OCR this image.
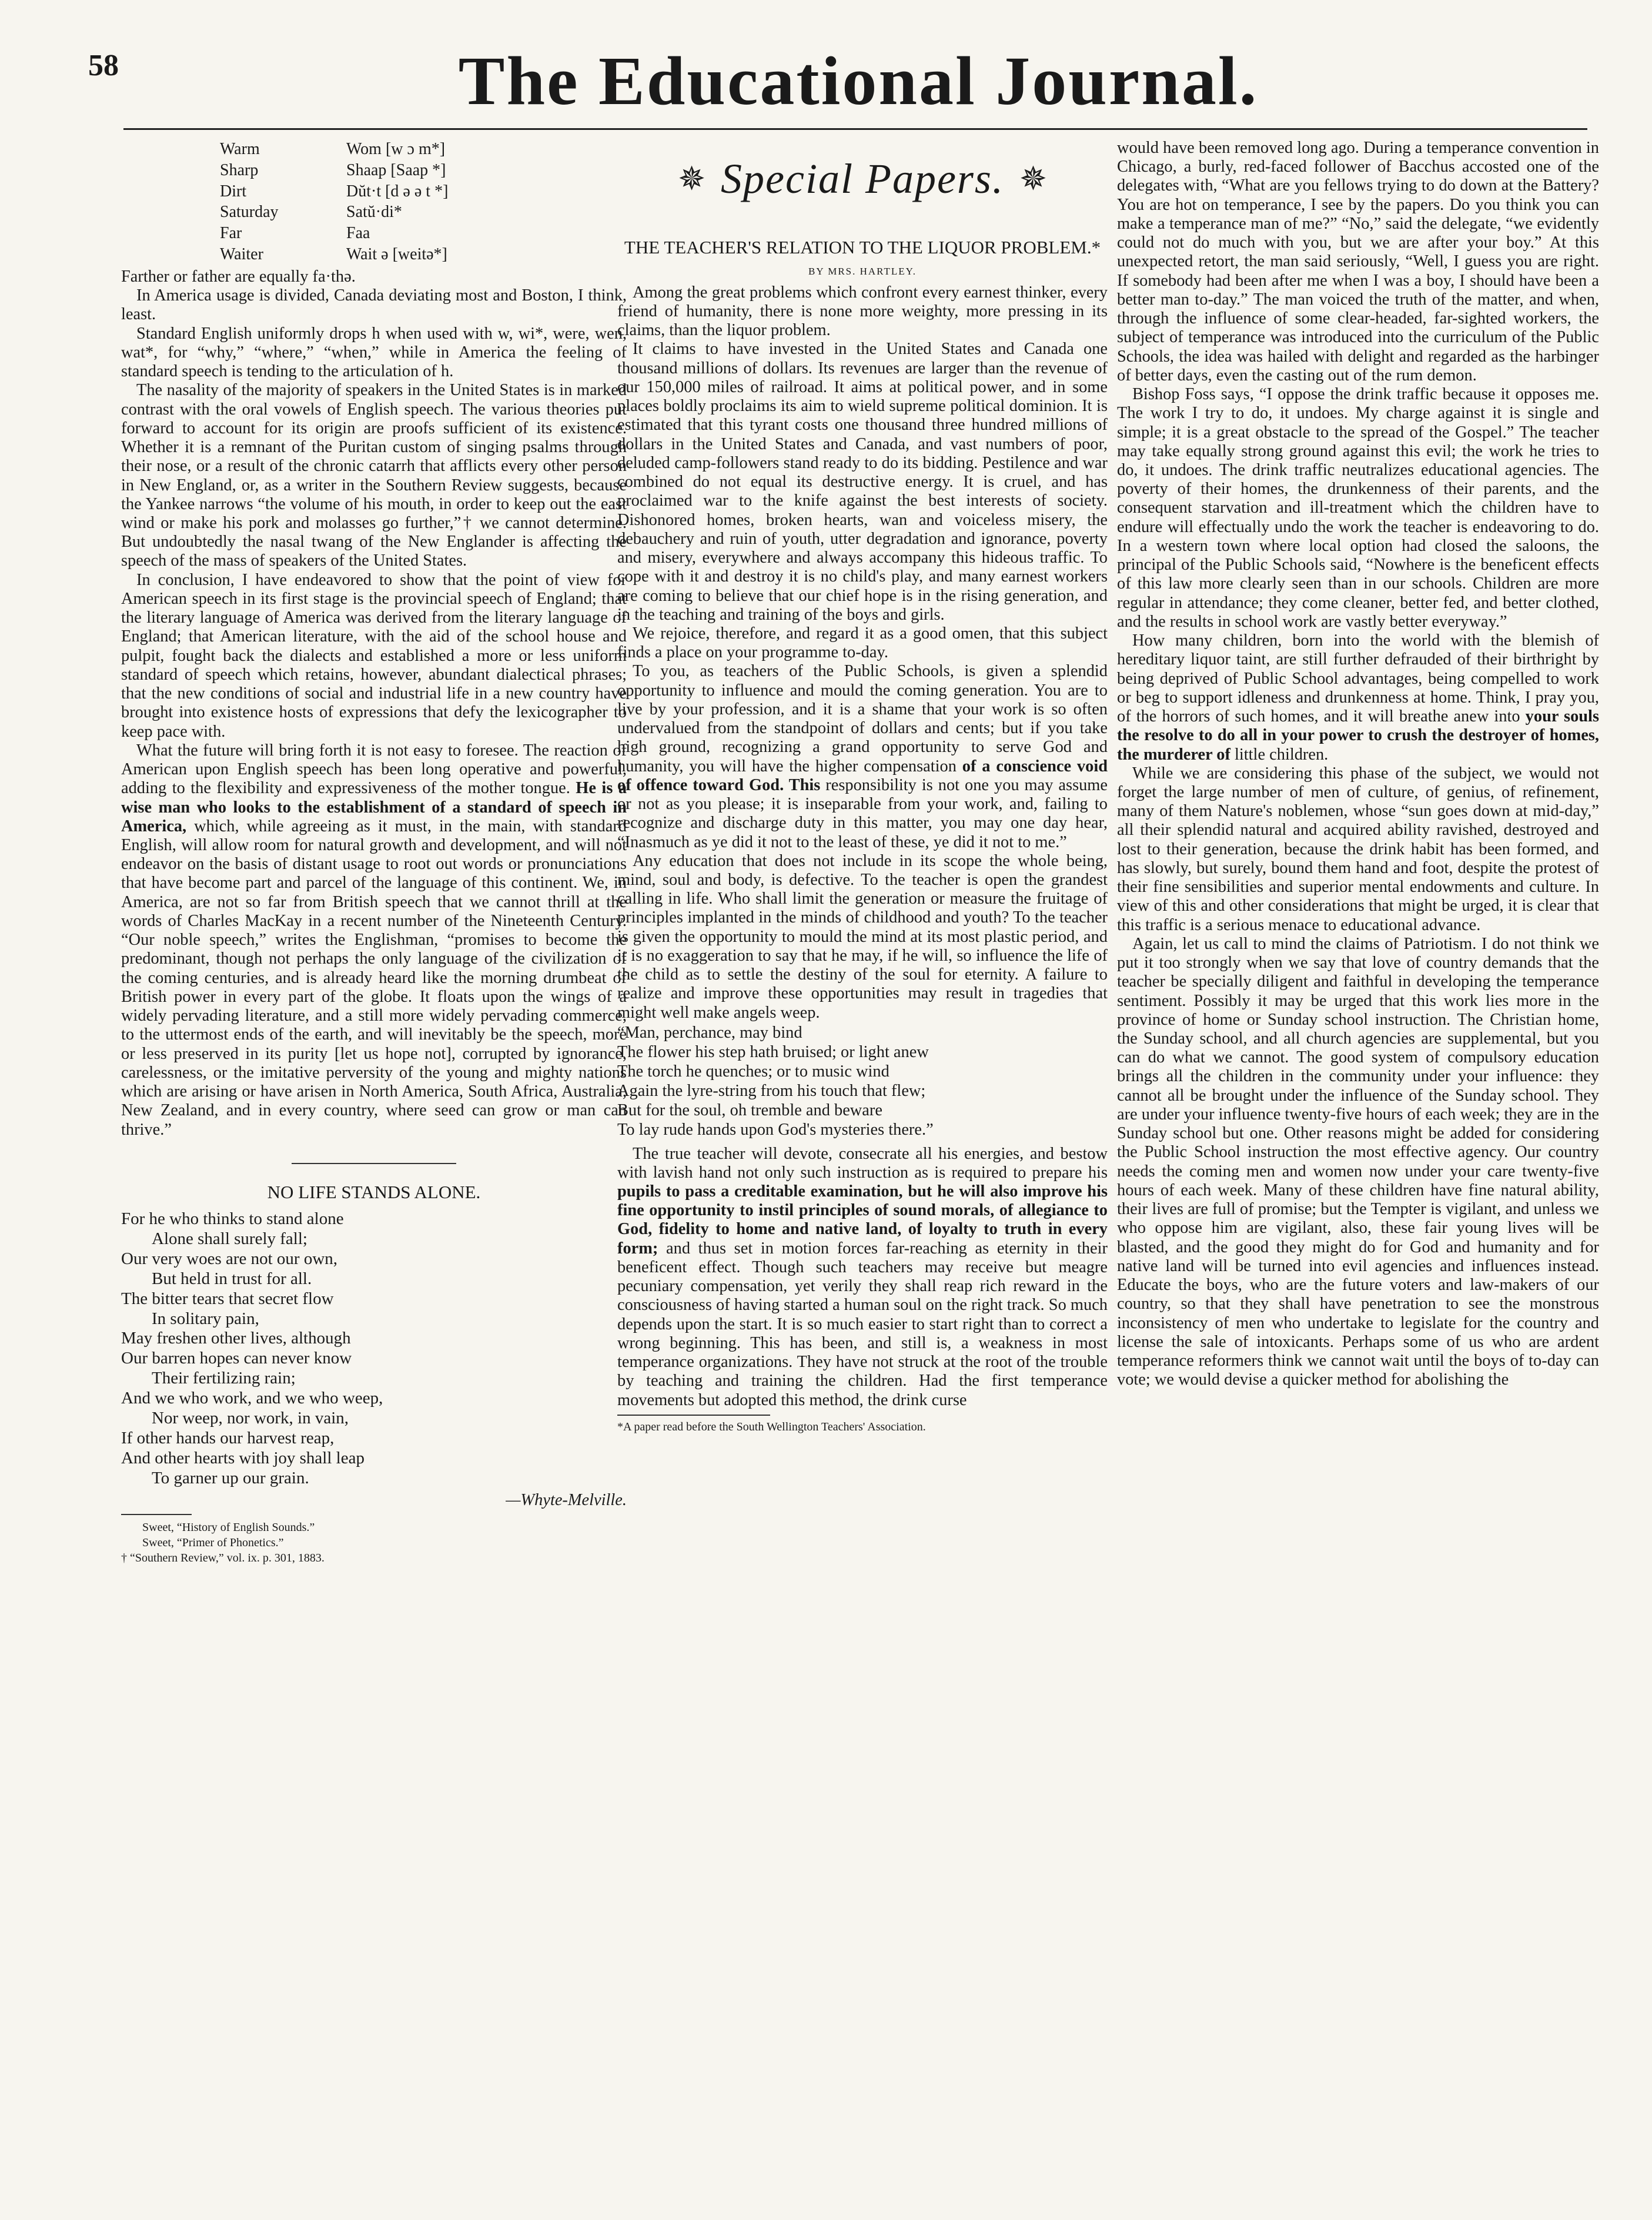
58	The Educational Journal.
Warm	Wom [w ɔ m*]
Sharp	Shaap [Saap *]
Dirt	Dŭt·t [d ə ə t *]
Saturday	Satŭ·di*
Far	Faa
Waiter	Wait ə [weitə*]

Farther or father are equally fa·thə.

In America usage is divided, Canada deviating most and Boston, I think, least.

Standard English uniformly drops h when used with w, wi*, were, wen, wat*, for “why,” “where,” “when,” while in America the feeling of standard speech is tending to the articulation of h.

The nasality of the majority of speakers in the United States is in marked contrast with the oral vowels of English speech. The various theories put forward to account for its origin are proofs sufficient of its existence. Whether it is a remnant of the Puritan custom of singing psalms through their nose, or a result of the chronic catarrh that afflicts every other person in New England, or, as a writer in the Southern Review suggests, because the Yankee narrows “the volume of his mouth, in order to keep out the east wind or make his pork and molasses go further,”† we cannot determine. But undoubtedly the nasal twang of the New Englander is affecting the speech of the mass of speakers of the United States.

In conclusion, I have endeavored to show that the point of view for American speech in its first stage is the provincial speech of England; that the literary language of America was derived from the literary language of England; that American literature, with the aid of the school house and pulpit, fought back the dialects and established a more or less uniform standard of speech which retains, however, abundant dialectical phrases; that the new conditions of social and industrial life in a new country have brought into existence hosts of expressions that defy the lexicographer to keep pace with.

What the future will bring forth it is not easy to foresee. The reaction of American upon English speech has been long operative and powerful, adding to the flexibility and expressiveness of the mother tongue. He is a wise man who looks to the establishment of a standard of speech in America, which, while agreeing as it must, in the main, with standard English, will allow room for natural growth and development, and will not endeavor on the basis of distant usage to root out words or pronunciations that have become part and parcel of the language of this continent. We, in America, are not so far from British speech that we cannot thrill at the words of Charles MacKay in a recent number of the Nineteenth Century. “Our noble speech,” writes the Englishman, “promises to become the predominant, though not perhaps the only language of the civilization of the coming centuries, and is already heard like the morning drumbeat of British power in every part of the globe. It floats upon the wings of a widely pervading literature, and a still more widely pervading commerce, to the uttermost ends of the earth, and will inevitably be the speech, more or less preserved in its purity [let us hope not], corrupted by ignorance, carelessness, or the imitative perversity of the young and mighty nations which are arising or have arisen in North America, South Africa, Australia, New Zealand, and in every country, where seed can grow or man can thrive.”

NO LIFE STANDS ALONE.
For he who thinks to stand alone
Alone shall surely fall;
Our very woes are not our own,
But held in trust for all.
The bitter tears that secret flow
In solitary pain,
May freshen other lives, although
Our barren hopes can never know
Their fertilizing rain;
And we who work, and we who weep,
Nor weep, nor work, in vain,
If other hands our harvest reap,
And other hearts with joy shall leap
To garner up our grain.
—Whyte-Melville.

Sweet, “History of English Sounds.”

Sweet, “Primer of Phonetics.”

† “Southern Review,” vol. ix. p. 301, 1883.

✵ Special Papers. ✵
THE TEACHER'S RELATION TO THE LIQUOR PROBLEM.*
BY MRS. HARTLEY.

Among the great problems which confront every earnest thinker, every friend of humanity, there is none more weighty, more pressing in its claims, than the liquor problem.

It claims to have invested in the United States and Canada one thousand millions of dollars. Its revenues are larger than the revenue of our 150,000 miles of railroad. It aims at political power, and in some places boldly proclaims its aim to wield supreme political dominion. It is estimated that this tyrant costs one thousand three hundred millions of dollars in the United States and Canada, and vast numbers of poor, deluded camp-followers stand ready to do its bidding. Pestilence and war combined do not equal its destructive energy. It is cruel, and has proclaimed war to the knife against the best interests of society. Dishonored homes, broken hearts, wan and voiceless misery, the debauchery and ruin of youth, utter degradation and ignorance, poverty and misery, everywhere and always accompany this hideous traffic. To cope with it and destroy it is no child's play, and many earnest workers are coming to believe that our chief hope is in the rising generation, and in the teaching and training of the boys and girls.

We rejoice, therefore, and regard it as a good omen, that this subject finds a place on your programme to-day.

To you, as teachers of the Public Schools, is given a splendid opportunity to influence and mould the coming generation. You are to live by your profession, and it is a shame that your work is so often undervalued from the standpoint of dollars and cents; but if you take high ground, recognizing a grand opportunity to serve God and humanity, you will have the higher compensation of a conscience void of offence toward God. This responsibility is not one you may assume or not as you please; it is inseparable from your work, and, failing to recognize and discharge duty in this matter, you may one day hear, “Inasmuch as ye did it not to the least of these, ye did it not to me.”

Any education that does not include in its scope the whole being, mind, soul and body, is defective. To the teacher is open the grandest calling in life. Who shall limit the generation or measure the fruitage of principles implanted in the minds of childhood and youth? To the teacher is given the opportunity to mould the mind at its most plastic period, and it is no exaggeration to say that he may, if he will, so influence the life of the child as to settle the destiny of the soul for eternity. A failure to realize and improve these opportunities may result in tragedies that might well make angels weep.

“Man, perchance, may bind
The flower his step hath bruised; or light anew
The torch he quenches; or to music wind
Again the lyre-string from his touch that flew;
But for the soul, oh tremble and beware
To lay rude hands upon God's mysteries there.”

The true teacher will devote, consecrate all his energies, and bestow with lavish hand not only such instruction as is required to prepare his pupils to pass a creditable examination, but he will also improve his fine opportunity to instil principles of sound morals, of allegiance to God, fidelity to home and native land, of loyalty to truth in every form; and thus set in motion forces far-reaching as eternity in their beneficent effect. Though such teachers may receive but meagre pecuniary compensation, yet verily they shall reap rich reward in the consciousness of having started a human soul on the right track. So much depends upon the start. It is so much easier to start right than to correct a wrong beginning. This has been, and still is, a weakness in most temperance organizations. They have not struck at the root of the trouble by teaching and training the children. Had the first temperance movements but adopted this method, the drink curse

*A paper read before the South Wellington Teachers' Association.

would have been removed long ago. During a temperance convention in Chicago, a burly, red-faced follower of Bacchus accosted one of the delegates with, “What are you fellows trying to do down at the Battery? You are hot on temperance, I see by the papers. Do you think you can make a temperance man of me?” “No,” said the delegate, “we evidently could not do much with you, but we are after your boy.” At this unexpected retort, the man said seriously, “Well, I guess you are right. If somebody had been after me when I was a boy, I should have been a better man to-day.” The man voiced the truth of the matter, and when, through the influence of some clear-headed, far-sighted workers, the subject of temperance was introduced into the curriculum of the Public Schools, the idea was hailed with delight and regarded as the harbinger of better days, even the casting out of the rum demon.

Bishop Foss says, “I oppose the drink traffic because it opposes me. The work I try to do, it undoes. My charge against it is single and simple; it is a great obstacle to the spread of the Gospel.” The teacher may take equally strong ground against this evil; the work he tries to do, it undoes. The drink traffic neutralizes educational agencies. The poverty of their homes, the drunkenness of their parents, and the consequent starvation and ill-treatment which the children have to endure will effectually undo the work the teacher is endeavoring to do. In a western town where local option had closed the saloons, the principal of the Public Schools said, “Nowhere is the beneficent effects of this law more clearly seen than in our schools. Children are more regular in attendance; they come cleaner, better fed, and better clothed, and the results in school work are vastly better everyway.”

How many children, born into the world with the blemish of hereditary liquor taint, are still further defrauded of their birthright by being deprived of Public School advantages, being compelled to work or beg to support idleness and drunkenness at home. Think, I pray you, of the horrors of such homes, and it will breathe anew into your souls the resolve to do all in your power to crush the destroyer of homes, the murderer of little children.

While we are considering this phase of the subject, we would not forget the large number of men of culture, of genius, of refinement, many of them Nature's noblemen, whose “sun goes down at mid-day,” all their splendid natural and acquired ability ravished, destroyed and lost to their generation, because the drink habit has been formed, and has slowly, but surely, bound them hand and foot, despite the protest of their fine sensibilities and superior mental endowments and culture. In view of this and other considerations that might be urged, it is clear that this traffic is a serious menace to educational advance.

Again, let us call to mind the claims of Patriotism. I do not think we put it too strongly when we say that love of country demands that the teacher be specially diligent and faithful in developing the temperance sentiment. Possibly it may be urged that this work lies more in the province of home or Sunday school instruction. The Christian home, the Sunday school, and all church agencies are supplemental, but you can do what we cannot. The good system of compulsory education brings all the children in the community under your influence: they cannot all be brought under the influence of the Sunday school. They are under your influence twenty-five hours of each week; they are in the Sunday school but one. Other reasons might be added for considering the Public School instruction the most effective agency. Our country needs the coming men and women now under your care twenty-five hours of each week. Many of these children have fine natural ability, their lives are full of promise; but the Tempter is vigilant, and unless we who oppose him are vigilant, also, these fair young lives will be blasted, and the good they might do for God and humanity and for native land will be turned into evil agencies and influences instead. Educate the boys, who are the future voters and law-makers of our country, so that they shall have penetration to see the monstrous inconsistency of men who undertake to legislate for the country and license the sale of intoxicants. Perhaps some of us who are ardent temperance reformers think we cannot wait until the boys of to-day can vote; we would devise a quicker method for abolishing the
